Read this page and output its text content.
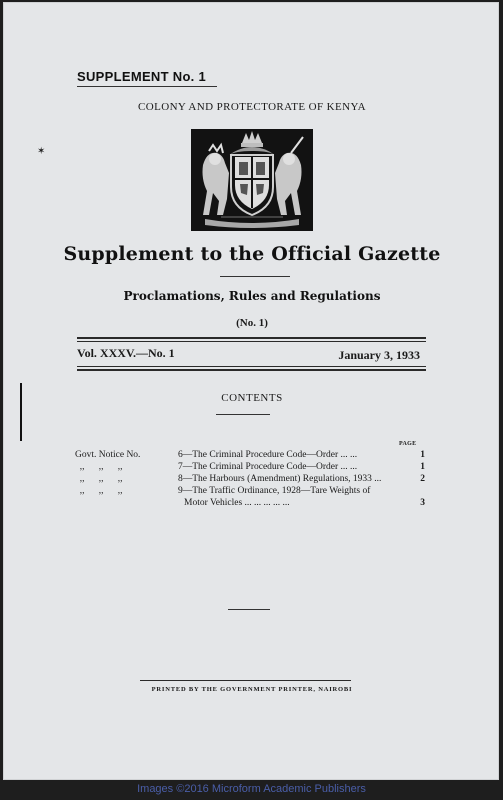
✶
SUPPLEMENT No. 1
COLONY AND PROTECTORATE OF KENYA
Supplement to the Official Gazette
Proclamations, Rules and Regulations
(No. 1)
Vol. XXXV.—No. 1	January 3, 1933
CONTENTS
PAGE
Govt. Notice No.	6—The Criminal Procedure Code—Order ... ...	1
,,      ,,      ,,	7—The Criminal Procedure Code—Order ... ...	1
,,      ,,      ,,	8—The Harbours (Amendment) Regulations, 1933 ...	2
,,      ,,      ,,	9—The Traffic Ordinance, 1928—Tare Weights of
Motor Vehicles ... ... ... ... ...	3
PRINTED BY THE GOVERNMENT PRINTER, NAIROBI
Images ©2016 Microform Academic Publishers
